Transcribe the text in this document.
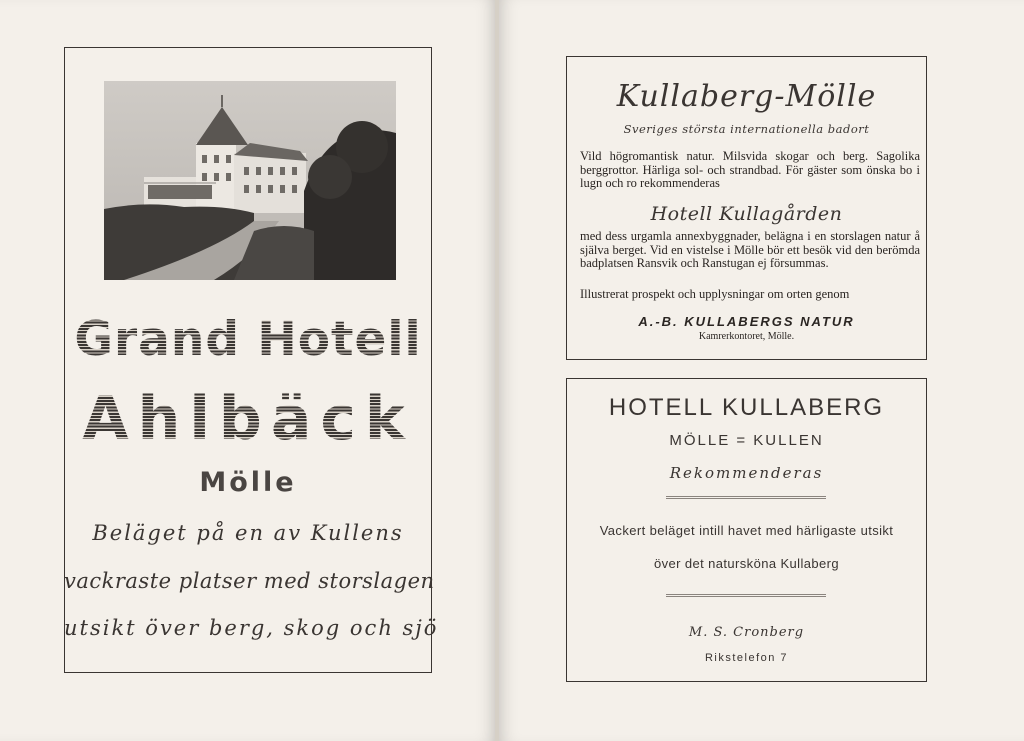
Grand Hotell
Ahlbäck
Mölle
Beläget på en av Kullens
vackraste platser med storslagen
utsikt över berg, skog och sjö
Kullaberg-Mölle
Sveriges största internationella badort
Vild högromantisk natur. Milsvida skogar och berg. Sagolika berggrottor. Härliga sol- och strandbad. För gäster som önska bo i lugn och ro rekommenderas
Hotell Kullagården
med dess urgamla annexbyggnader, belägna i en storslagen natur å själva berget. Vid en vistelse i Mölle bör ett besök vid den berömda badplatsen Ransvik och Ranstugan ej försummas.
Illustrerat prospekt och upplysningar om orten genom
A.-B. KULLABERGS NATUR
Kamrerkontoret, Mölle.
HOTELL KULLABERG
MÖLLE = KULLEN
Rekommenderas
Vackert beläget intill havet med härligaste utsikt
över det natursköna Kullaberg
M. S. Cronberg
Rikstelefon 7
